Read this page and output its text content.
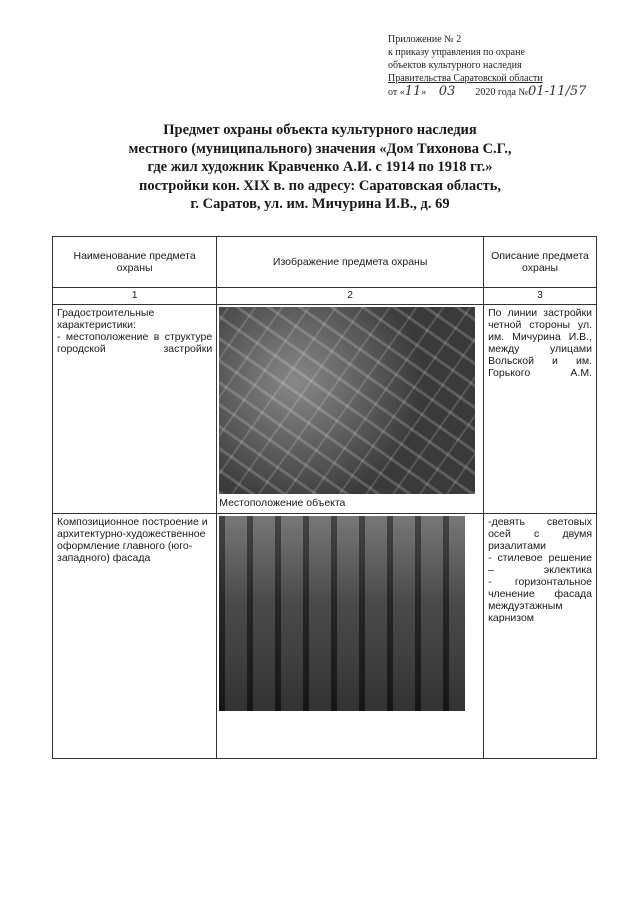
Приложение № 2
к приказу управления по охране
объектов культурного наследия
Правительства Саратовской области
от «11» 03 2020 года №01-11/57
Предмет охраны объекта культурного наследия
местного (муниципального) значения «Дом Тихонова С.Г.,
где жил художник Кравченко А.И. с 1914 по 1918 гг.»
постройки кон. XIX в. по адресу: Саратовская область,
г. Саратов, ул. им. Мичурина И.В., д. 69
Наименование предмета охраны	Изображение предмета охраны	Описание предмета охраны
1	2	3

Градостроительные характеристики:
- местоположение в структуре городской застройки	Местоположение объекта	По линии застройки четной стороны ул. им. Мичурина И.В., между улицами Вольской и им. Горького А.М.

Композиционное построение и архитектурно-художественное оформление главного (юго-западного) фасада		-девять световых осей с двумя ризалитами
- стилевое решение – эклектика
- горизонтальное членение фасада междуэтажным карнизом
